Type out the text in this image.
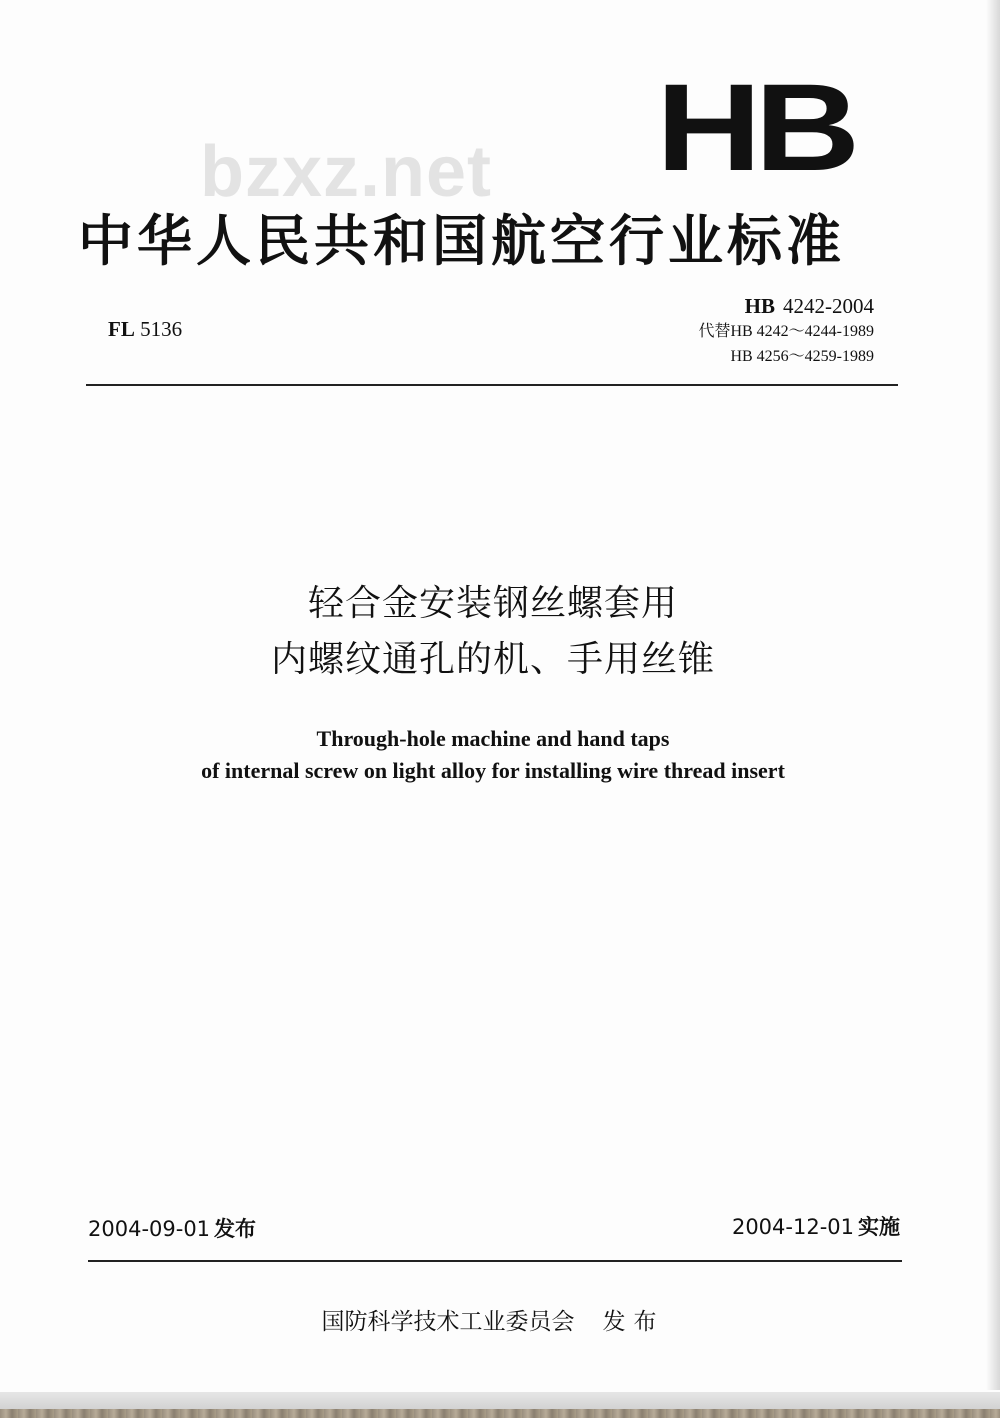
bzxz.net HB
中华人民共和国航空行业标准
FL 5136
HB 4242-2004
代替HB 4242～4244-1989
HB 4256～4259-1989
轻合金安装钢丝螺套用
内螺纹通孔的机、手用丝锥
Through-hole machine and hand taps
of internal screw on light alloy for installing wire thread insert
2004-09-01 发布	2004-12-01 实施
国防科学技术工业委员会 发布
